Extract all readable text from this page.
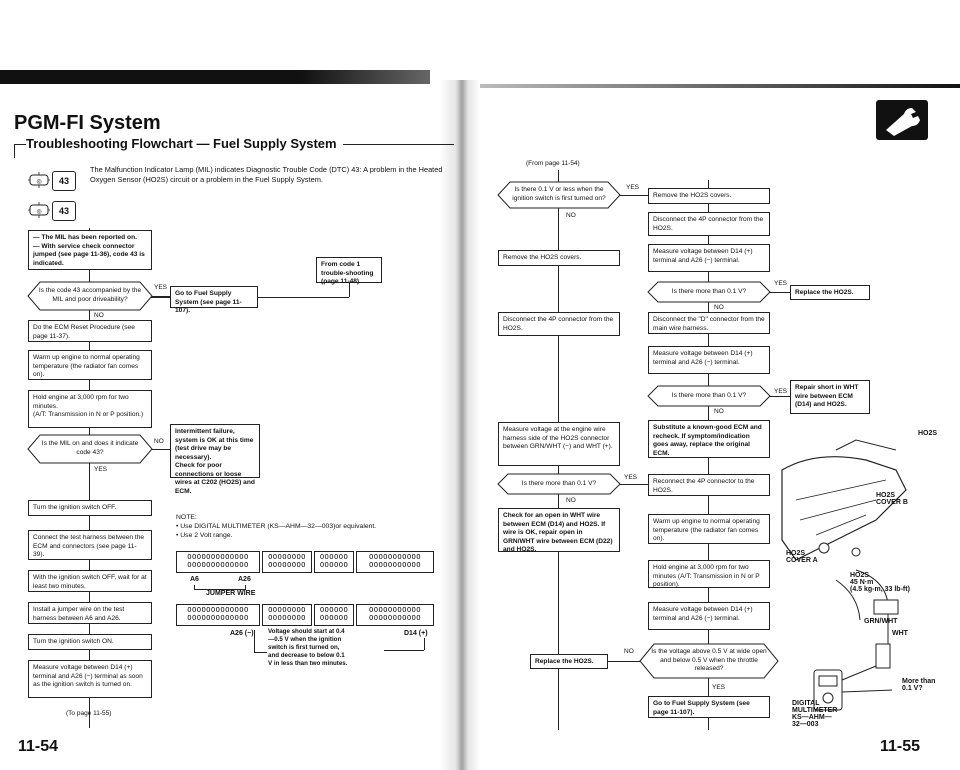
PGM-FI System
Troubleshooting Flowchart — Fuel Supply System
◎	43
The Malfunction Indicator Lamp (MIL) indicates Diagnostic Trouble Code (DTC) 43: A problem in the Heated Oxygen Sensor (HO2S) circuit or a problem in the Fuel Supply System.
◎	43
— The MIL has been reported on.
— With service check connector jumped (see page 11-36), code 43 is indicated.	From code 1 trouble-shooting (page 11-48).
Is the code 43 accompanied by the MIL and poor driveability?
YES
Go to Fuel Supply System (see page 11-107).
NO
Do the ECM Reset Procedure (see page 11-37).
Warm up engine to normal operating temperature (the radiator fan comes on).
Hold engine at 3,000 rpm for two minutes.
(A/T: Transmission in N or P position.)
Intermittent failure, system is OK at this time (test drive may be necessary).
Check for poor connections or loose wires at C202 (HO2S) and ECM.
Is the MIL on and does it indicate code 43?
NO
YES
Turn the ignition switch OFF.
Connect the test harness between the ECM and connectors (see page 11-39).
With the ignition switch OFF, wait for at least two minutes.
Install a jumper wire on the test harness between A6 and A26.
Turn the ignition switch ON.
Measure voltage between D14 (+) terminal and A26 (−) terminal as soon as the ignition switch is turned on.
(To page 11-55)
NOTE:
• Use DIGITAL MULTIMETER (KS—AHM—32—003)or equivalent.
• Use 2 Volt range.
OOOOOOOOOOOOO
OOOOOOOOOOOOO
OOOOOOOO
OOOOOOOO
OOOOOO
OOOOOO
OOOOOOOOOOO
OOOOOOOOOOO
A6	A26
JUMPER WIRE
OOOOOOOOOOOOO
OOOOOOOOOOOOO
OOOOOOOO
OOOOOOOO
OOOOOO
OOOOOO
OOOOOOOOOOO
OOOOOOOOOOO
A26 (−)	D14 (+)
Voltage should start at 0.4—0.5 V when the ignition switch is first turned on, and decrease to below 0.1 V in less than two minutes.
(From page 11-54)
Is there 0.1 V or less when the ignition switch is first turned on?
YES
NO
Remove the HO2S covers.
Disconnect the 4P connector from the HO2S.
Measure voltage between D14 (+) terminal and A26 (−) terminal.
Remove the HO2S covers.
Is there more than 0.1 V?
YES
Replace the HO2S.
NO
Disconnect the 4P connector from the HO2S.
Disconnect the "D" connector from the main wire harness.
Measure voltage between D14 (+) terminal and A26 (−) terminal.
Is there more than 0.1 V?
YES
Repair short in WHT wire between ECM (D14) and HO2S.
NO
Measure voltage at the engine wire harness side of the HO2S connector between GRN/WHT (−) and WHT (+).
Substitute a known-good ECM and recheck. If symptom/indication goes away, replace the original ECM.
Is there more than 0.1 V?
YES
Reconnect the 4P connector to the HO2S.
NO
Check for an open in WHT wire between ECM (D14) and HO2S. If wire is OK, repair open in GRN/WHT wire between ECM (D22) and HO2S.
Warm up engine to normal operating temperature (the radiator fan comes on).
Hold engine at 3,000 rpm for two minutes (A/T: Transmission in N or P position).
Measure voltage between D14 (+) terminal and A26 (−) terminal.
Replace the HO2S.
NO	Is the voltage above 0.5 V at wide open and below 0.5 V when the throttle released?
YES
Go to Fuel Supply System (see page 11-107).
HO2S
HO2S
COVER B
HO2S
COVER A
HO2S
45 N·m
(4.5 kg-m, 33 lb-ft)
GRN/WHT
WHT
More than
0.1 V?
DIGITAL
MULTIMETER
KS—AHM—
32—003
11-54	11-55
